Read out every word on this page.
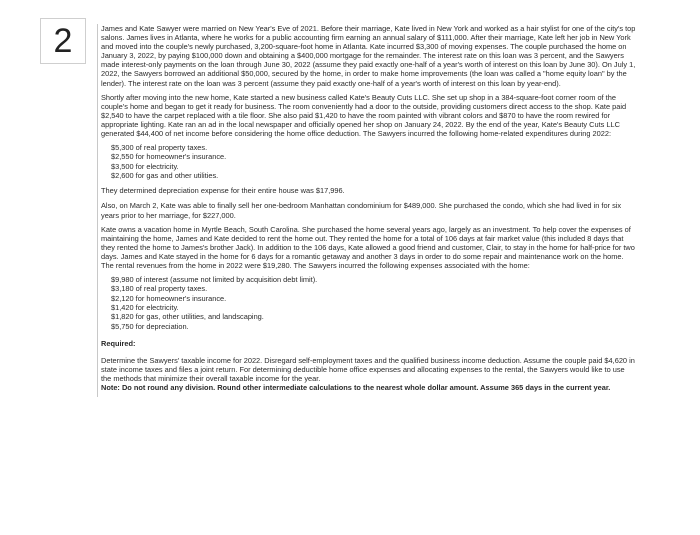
2	James and Kate Sawyer were married on New Year's Eve of 2021. Before their marriage, Kate lived in New York and worked as a hair stylist for one of the city's top salons. James lives in Atlanta, where he works for a public accounting firm earning an annual salary of $111,000. After their marriage, Kate left her job in New York and moved into the couple's newly purchased, 3,200-square-foot home in Atlanta. Kate incurred $3,300 of moving expenses. The couple purchased the home on January 3, 2022, by paying $100,000 down and obtaining a $400,000 mortgage for the remainder. The interest rate on this loan was 3 percent, and the Sawyers made interest-only payments on the loan through June 30, 2022 (assume they paid exactly one-half of a year's worth of interest on this loan by June 30). On July 1, 2022, the Sawyers borrowed an additional $50,000, secured by the home, in order to make home improvements (the loan was called a "home equity loan" by the lender). The interest rate on the loan was 3 percent (assume they paid exactly one-half of a year's worth of interest on this loan by year-end).

Shortly after moving into the new home, Kate started a new business called Kate's Beauty Cuts LLC. She set up shop in a 384-square-foot corner room of the couple's home and began to get it ready for business. The room conveniently had a door to the outside, providing customers direct access to the shop. Kate paid $2,540 to have the carpet replaced with a tile floor. She also paid $1,420 to have the room painted with vibrant colors and $870 to have the room rewired for appropriate lighting. Kate ran an ad in the local newspaper and officially opened her shop on January 24, 2022. By the end of the year, Kate's Beauty Cuts LLC generated $44,400 of net income before considering the home office deduction. The Sawyers incurred the following home-related expenditures during 2022:

$5,300 of real property taxes.
$2,550 for homeowner's insurance.
$3,500 for electricity.
$2,600 for gas and other utilities.

They determined depreciation expense for their entire house was $17,996.

Also, on March 2, Kate was able to finally sell her one-bedroom Manhattan condominium for $489,000. She purchased the condo, which she had lived in for six years prior to her marriage, for $227,000.

Kate owns a vacation home in Myrtle Beach, South Carolina. She purchased the home several years ago, largely as an investment. To help cover the expenses of maintaining the home, James and Kate decided to rent the home out. They rented the home for a total of 106 days at fair market value (this included 8 days that they rented the home to James's brother Jack). In addition to the 106 days, Kate allowed a good friend and customer, Clair, to stay in the home for half-price for two days. James and Kate stayed in the home for 6 days for a romantic getaway and another 3 days in order to do some repair and maintenance work on the home. The rental revenues from the home in 2022 were $19,280. The Sawyers incurred the following expenses associated with the home:

$9,980 of interest (assume not limited by acquisition debt limit).
$3,180 of real property taxes.
$2,120 for homeowner's insurance.
$1,420 for electricity.
$1,820 for gas, other utilities, and landscaping.
$5,750 for depreciation.
Required:

Determine the Sawyers' taxable income for 2022. Disregard self-employment taxes and the qualified business income deduction. Assume the couple paid $4,620 in state income taxes and files a joint return. For determining deductible home office expenses and allocating expenses to the rental, the Sawyers would like to use the methods that minimize their overall taxable income for the year.

Note: Do not round any division. Round other intermediate calculations to the nearest whole dollar amount. Assume 365 days in the current year.
